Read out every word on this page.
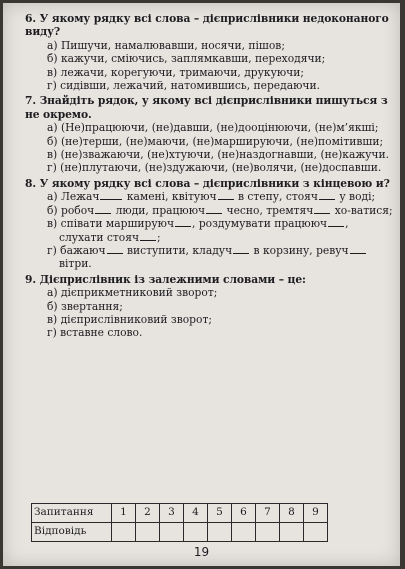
6. У якому рядку всі слова – дієприслівники недоконаного виду?
а) Пишучи, намалювавши, носячи, пішов;
б) кажучи, сміючись, заплямкавши, переходячи;
в) лежачи, корегуючи, тримаючи, друкуючи;
г) сидівши, лежачий, натомившись, передаючи.
7. Знайдіть рядок, у якому всі дієприслівники пишуться з не окремо.
а) (Не)працюючи, (не)давши, (не)дооцінюючи, (не)м’якші;
б) (не)терши, (не)маючи, (не)маршируючи, (не)помітивши;
в) (не)зважаючи, (не)хтуючи, (не)наздогнавши, (не)кажучи.
г) (не)плутаючи, (не)здужаючи, (не)волячи, (не)доспавши.
8. У якому рядку всі слова – дієприслівники з кінцевою и?
а) Лежач	камені, квітуюч в степу, стояч у воді;
б) робоч люди, працююч чесно, тремтяч хо-ватися;
в) співати маршируюч , роздумувати працююч , слухати стояч ;
г) бажаюч виступити, кладуч в корзину, ревуч вітри.
9. Дієприслівник із залежними словами – це:
а) дієприкметниковий зворот;
б) звертання;
в) дієприслівниковий зворот;
г) вставне слово.
Запитання	1	2	3	4	5	6	7	8	9
Відповідь									
19
